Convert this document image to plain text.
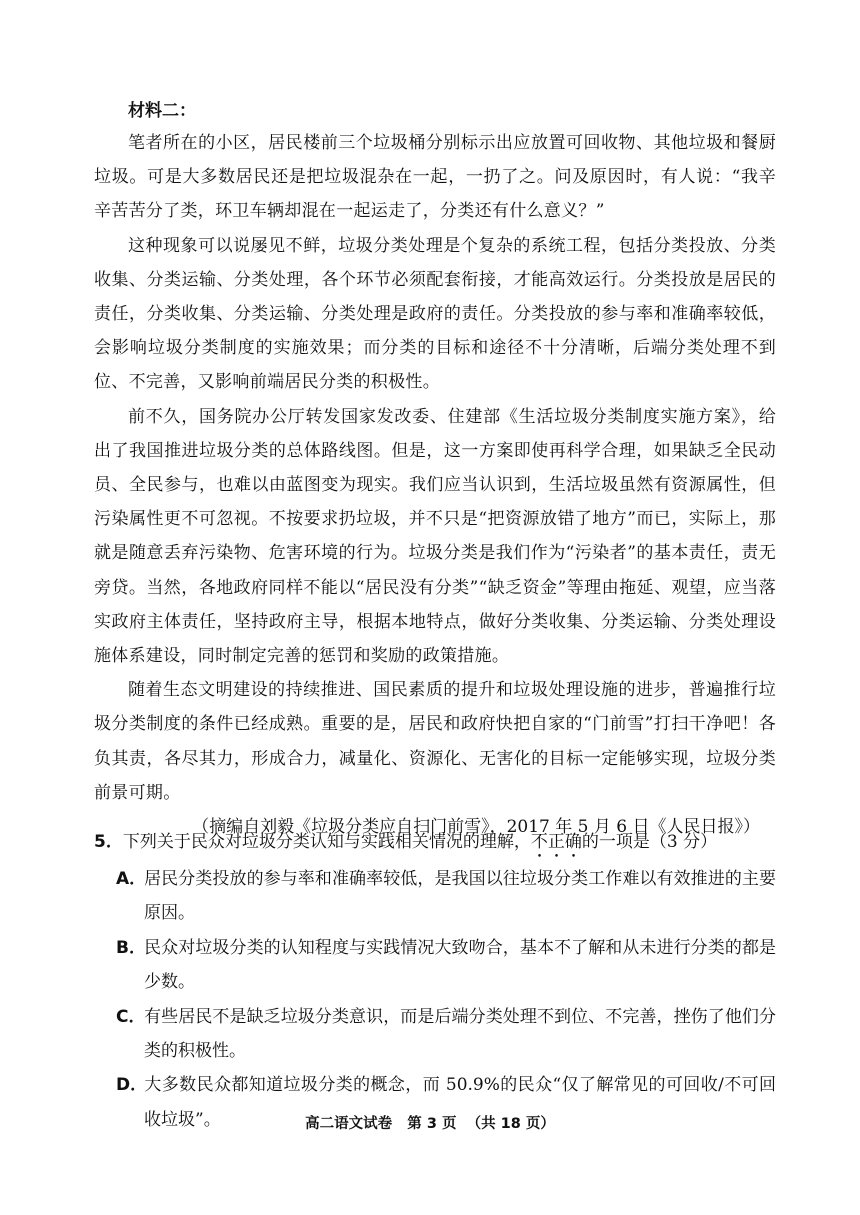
材料二：

笔者所在的小区，居民楼前三个垃圾桶分别标示出应放置可回收物、其他垃圾和餐厨垃圾。可是大多数居民还是把垃圾混杂在一起，一扔了之。问及原因时，有人说：“我辛辛苦苦分了类，环卫车辆却混在一起运走了，分类还有什么意义？”

这种现象可以说屡见不鲜，垃圾分类处理是个复杂的系统工程，包括分类投放、分类收集、分类运输、分类处理，各个环节必须配套衔接，才能高效运行。分类投放是居民的责任，分类收集、分类运输、分类处理是政府的责任。分类投放的参与率和准确率较低，会影响垃圾分类制度的实施效果；而分类的目标和途径不十分清晰，后端分类处理不到位、不完善，又影响前端居民分类的积极性。

前不久，国务院办公厅转发国家发改委、住建部《生活垃圾分类制度实施方案》，给出了我国推进垃圾分类的总体路线图。但是，这一方案即使再科学合理，如果缺乏全民动员、全民参与，也难以由蓝图变为现实。我们应当认识到，生活垃圾虽然有资源属性，但污染属性更不可忽视。不按要求扔垃圾，并不只是“把资源放错了地方”而已，实际上，那就是随意丢弃污染物、危害环境的行为。垃圾分类是我们作为“污染者”的基本责任，责无旁贷。当然，各地政府同样不能以“居民没有分类”“缺乏资金”等理由拖延、观望，应当落实政府主体责任，坚持政府主导，根据本地特点，做好分类收集、分类运输、分类处理设施体系建设，同时制定完善的惩罚和奖励的政策措施。

随着生态文明建设的持续推进、国民素质的提升和垃圾处理设施的进步，普遍推行垃圾分类制度的条件已经成熟。重要的是，居民和政府快把自家的“门前雪”打扫干净吧！各负其责，各尽其力，形成合力，减量化、资源化、无害化的目标一定能够实现，垃圾分类前景可期。

（摘编自刘毅《垃圾分类应自扫门前雪》，2017 年 5 月 6 日《人民日报》）

5．下列关于民众对垃圾分类认知与实践相关情况的理解，不正确的一项是（3 分）

A．居民分类投放的参与率和准确率较低，是我国以往垃圾分类工作难以有效推进的主要原因。

B．民众对垃圾分类的认知程度与实践情况大致吻合，基本不了解和从未进行分类的都是少数。

C．有些居民不是缺乏垃圾分类意识，而是后端分类处理不到位、不完善，挫伤了他们分类的积极性。

D．大多数民众都知道垃圾分类的概念，而 50.9%的民众“仅了解常见的可回收/不可回收垃圾”。	高二语文试卷   第 3 页  （共 18 页）
